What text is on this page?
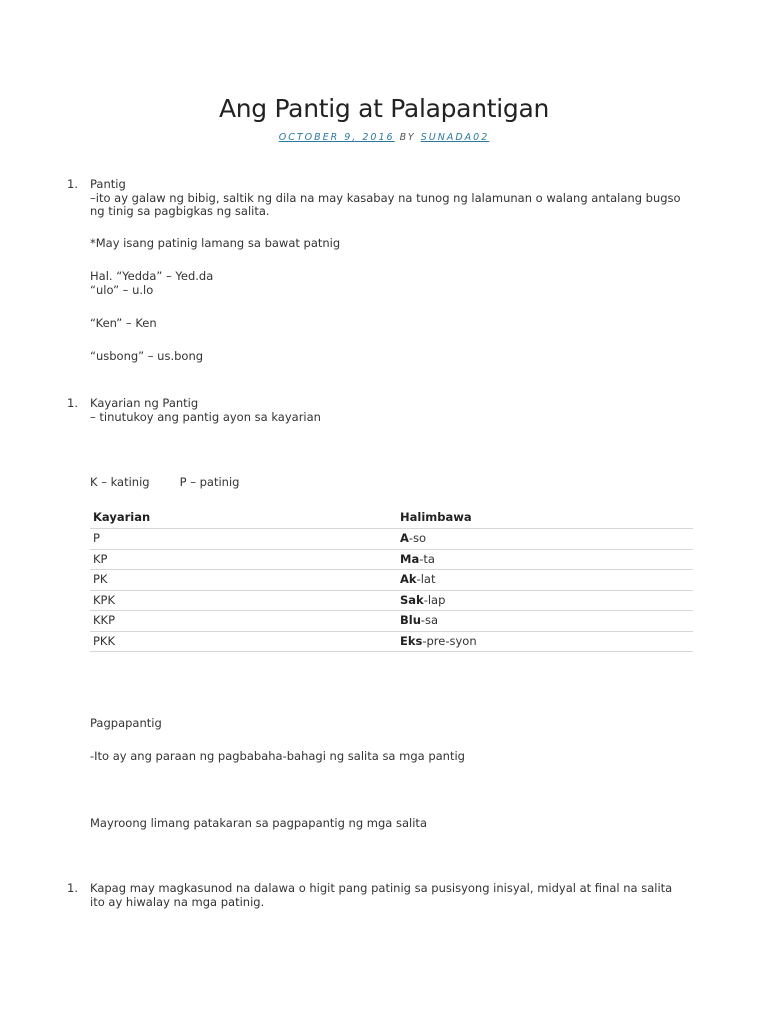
Ang Pantig at Palapantigan
OCTOBER 9, 2016 BY SUNADA02
1. Pantig
–ito ay galaw ng bibig, saltik ng dila na may kasabay na tunog ng lalamunan o walang antalang bugso
ng tinig sa pagbigkas ng salita.
*May isang patinig lamang sa bawat patnig
Hal. “Yedda” – Yed.da
“ulo” – u.lo
“Ken” – Ken
“usbong” – us.bong
1. Kayarian ng Pantig
– tinutukoy ang pantig ayon sa kayarian
K – katinig	P – patinig
Kayarian	Halimbawa
P	A-so
KP	Ma-ta
PK	Ak-lat
KPK	Sak-lap
KKP	Blu-sa
PKK	Eks-pre-syon
Pagpapantig
-Ito ay ang paraan ng pagbabaha-bahagi ng salita sa mga pantig
Mayroong limang patakaran sa pagpapantig ng mga salita
1. Kapag may magkasunod na dalawa o higit pang patinig sa pusisyong inisyal, midyal at final na salita
ito ay hiwalay na mga patinig.
